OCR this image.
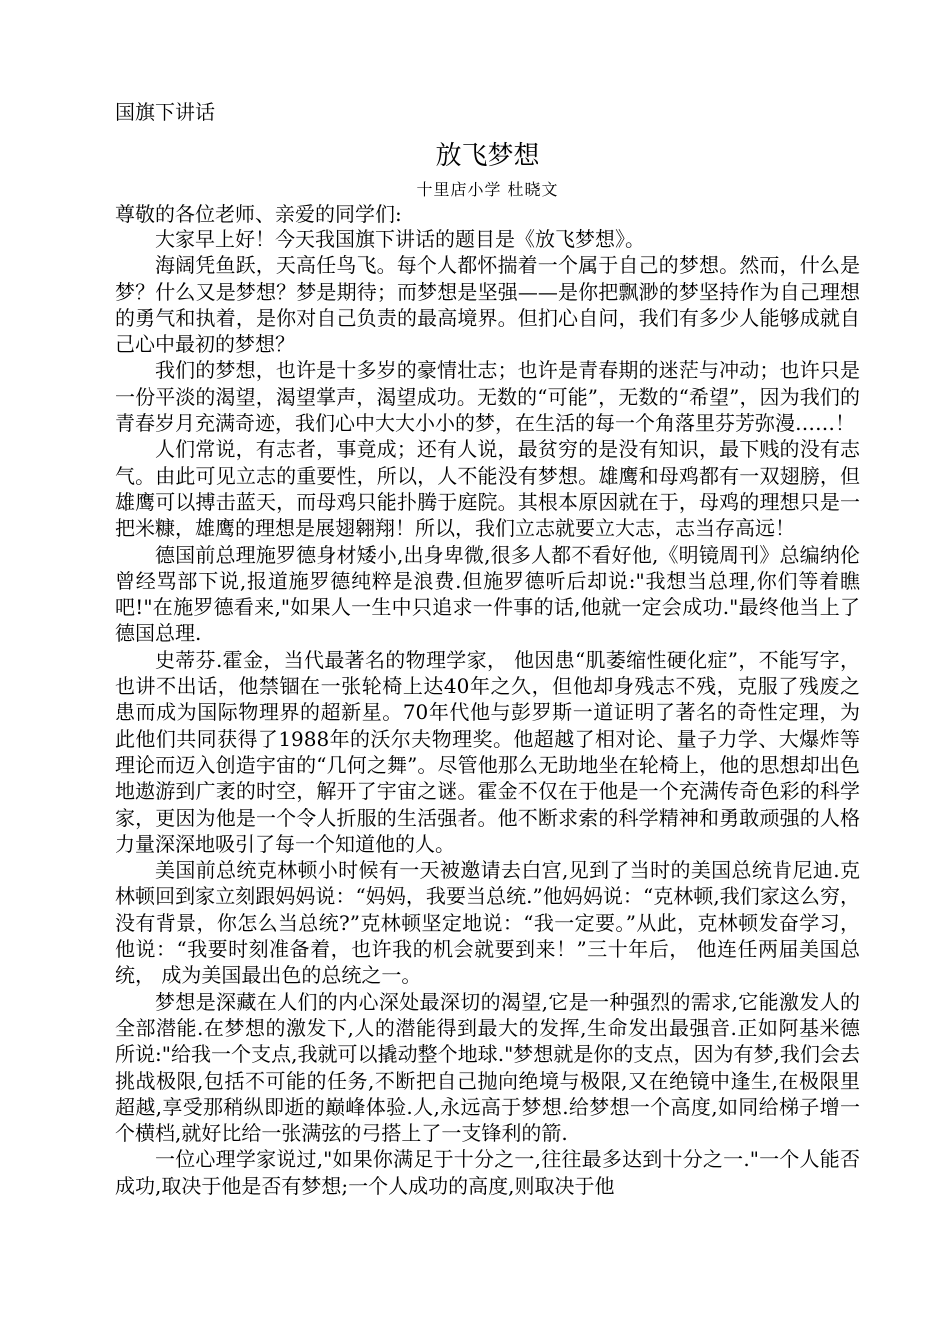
国旗下讲话

放飞梦想

十里店小学 杜晓文

尊敬的各位老师、亲爱的同学们:

大家早上好！今天我国旗下讲话的题目是《放飞梦想》。

海阔凭鱼跃，天高任鸟飞。每个人都怀揣着一个属于自己的梦想。然而，什么是梦？什么又是梦想？梦是期待；而梦想是坚强——是你把飘渺的梦坚持作为自己理想的勇气和执着，是你对自己负责的最高境界。但扪心自问，我们有多少人能够成就自己心中最初的梦想？

我们的梦想，也许是十多岁的豪情壮志；也许是青春期的迷茫与冲动；也许只是一份平淡的渴望，渴望掌声，渴望成功。无数的“可能”，无数的“希望”，因为我们的青春岁月充满奇迹，我们心中大大小小的梦，在生活的每一个角落里芬芳弥漫……！

人们常说，有志者，事竟成；还有人说，最贫穷的是没有知识，最下贱的没有志气。由此可见立志的重要性，所以，人不能没有梦想。雄鹰和母鸡都有一双翅膀，但雄鹰可以搏击蓝天，而母鸡只能扑腾于庭院。其根本原因就在于，母鸡的理想只是一把米糠，雄鹰的理想是展翅翱翔！所以，我们立志就要立大志，志当存高远！

德国前总理施罗德身材矮小,出身卑微,很多人都不看好他,《明镜周刊》总编纳伦曾经骂部下说,报道施罗德纯粹是浪费.但施罗德听后却说:"我想当总理,你们等着瞧吧!"在施罗德看来,"如果人一生中只追求一件事的话,他就一定会成功."最终他当上了德国总理.

史蒂芬.霍金，当代最著名的物理学家， 他因患“肌萎缩性硬化症”，不能写字，也讲不出话，他禁锢在一张轮椅上达40年之久，但他却身残志不残，克服了残废之患而成为国际物理界的超新星。70年代他与彭罗斯一道证明了著名的奇性定理，为此他们共同获得了1988年的沃尔夫物理奖。他超越了相对论、量子力学、大爆炸等理论而迈入创造宇宙的“几何之舞”。尽管他那么无助地坐在轮椅上，他的思想却出色地遨游到广袤的时空，解开了宇宙之谜。霍金不仅在于他是一个充满传奇色彩的科学家，更因为他是一个令人折服的生活强者。他不断求索的科学精神和勇敢顽强的人格力量深深地吸引了每一个知道他的人。

美国前总统克林顿小时候有一天被邀请去白宫,见到了当时的美国总统肯尼迪.克林顿回到家立刻跟妈妈说：“妈妈，我要当总统.”他妈妈说：“克林顿,我们家这么穷，没有背景，你怎么当总统?”克林顿坚定地说：“我一定要。”从此，克林顿发奋学习，他说：“我要时刻准备着，也许我的机会就要到来！”三十年后， 他连任两届美国总统， 成为美国最出色的总统之一。

梦想是深藏在人们的内心深处最深切的渴望,它是一种强烈的需求,它能激发人的全部潜能.在梦想的激发下,人的潜能得到最大的发挥,生命发出最强音.正如阿基米德所说:"给我一个支点,我就可以撬动整个地球."梦想就是你的支点，因为有梦,我们会去挑战极限,包括不可能的任务,不断把自己抛向绝境与极限,又在绝镜中逢生,在极限里超越,享受那稍纵即逝的巅峰体验.人,永远高于梦想.给梦想一个高度,如同给梯子增一个横档,就好比给一张满弦的弓搭上了一支锋利的箭.

一位心理学家说过,"如果你满足于十分之一,往往最多达到十分之一."一个人能否成功,取决于他是否有梦想;一个人成功的高度,则取决于他
